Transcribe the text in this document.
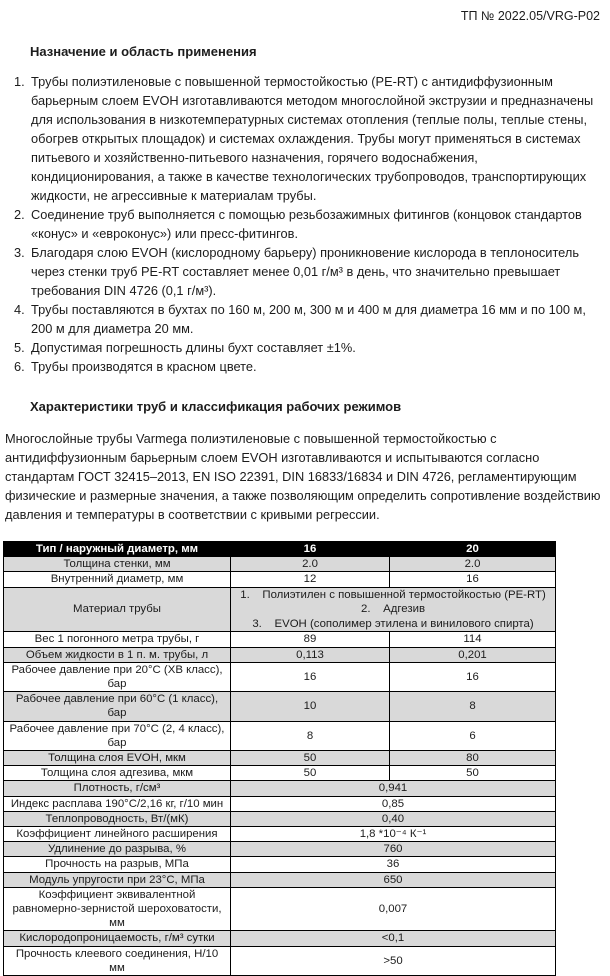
ТП № 2022.05/VRG-P02
Назначение и область применения
1. Трубы полиэтиленовые с повышенной термостойкостью (PE-RT) с антидиффузионным барьерным слоем EVOH изготавливаются методом многослойной экструзии и предназначены для использования в низкотемпературных системах отопления (теплые полы, теплые стены, обогрев открытых площадок) и системах охлаждения. Трубы могут применяться в системах питьевого и хозяйственно-питьевого назначения, горячего водоснабжения, кондиционирования, а также в качестве технологических трубопроводов, транспортирующих жидкости, не агрессивные к материалам трубы.
2. Соединение труб выполняется с помощью резьбозажимных фитингов (концовок стандартов «конус» и «евроконус») или пресс-фитингов.
3. Благодаря слою EVOH (кислородному барьеру) проникновение кислорода в теплоноситель через стенки труб PE-RT составляет менее 0,01 г/м³ в день, что значительно превышает требования DIN 4726 (0,1 г/м³).
4. Трубы поставляются в бухтах по 160 м, 200 м, 300 м и 400 м для диаметра 16 мм и по 100 м, 200 м для диаметра 20 мм.
5. Допустимая погрешность длины бухт составляет ±1%.
6. Трубы производятся в красном цвете.
Характеристики труб и классификация рабочих режимов
Многослойные трубы Varmega полиэтиленовые с повышенной термостойкостью с антидиффузионным барьерным слоем EVOH изготавливаются и испытываются согласно стандартам ГОСТ 32415–2013, EN ISO 22391, DIN 16833/16834 и DIN 4726, регламентирующим физические и размерные значения, а также позволяющим определить сопротивление воздействию давления и температуры в соответствии с кривыми регрессии.
Тип / наружный диаметр, мм	16	20
Толщина стенки, мм	2.0	2.0
Внутренний диаметр, мм	12	16
Материал трубы	1.    Полиэтилен с повышенной термостойкостью (PE-RT)
2.    Адгезив
3.    EVOH (сополимер этилена и винилового спирта)	

Вес 1 погонного метра трубы, г	89	114
Объем жидкости в 1 п. м. трубы, л	0,113	0,201
Рабочее давление при 20°С (ХВ класс), бар	16	16
Рабочее давление при 60°С (1 класс), бар	10	8
Рабочее давление при 70°С (2, 4 класс), бар	8	6
Толщина слоя EVOH, мкм	50	80
Толщина слоя адгезива, мкм	50	50
Плотность, г/см³	0,941	
Индекс расплава 190°С/2,16 кг, г/10 мин	0,85	
Теплопроводность, Вт/(мК)	0,40	
Коэффициент линейного расширения	1,8 *10⁻⁴ К⁻¹	
Удлинение до разрыва, %	760	
Прочность на разрыв, МПа	36	
Модуль упругости при 23°С, МПа	650	
Коэффициент эквивалентной равномерно-зернистой шероховатости, мм	0,007	
Кислородопроницаемость, г/м³ сутки	<0,1	
Прочность клеевого соединения, Н/10 мм	>50	
